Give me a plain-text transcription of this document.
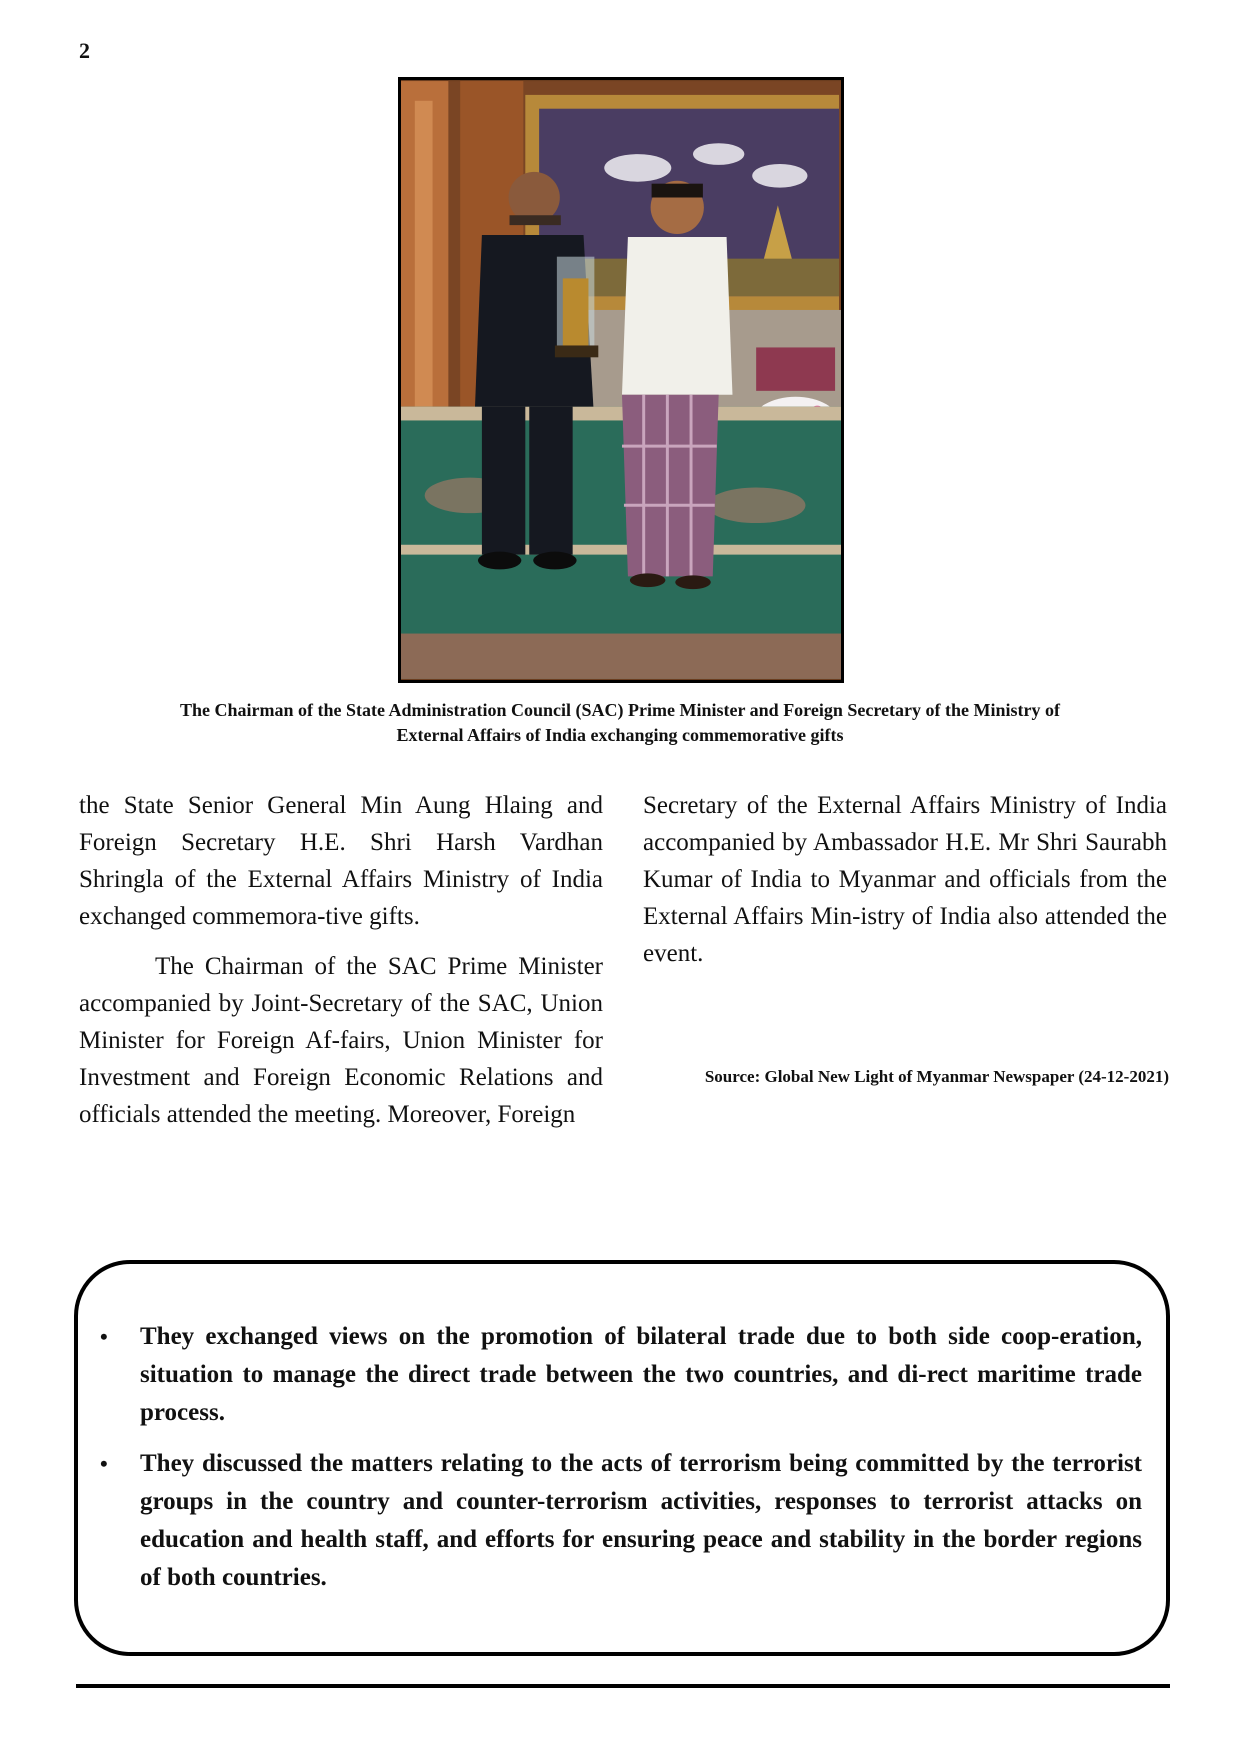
2
The Chairman of the State Administration Council (SAC) Prime Minister and Foreign Secretary of the Ministry of
External Affairs of India exchanging commemorative gifts

the State Senior General Min Aung Hlaing and Foreign Secretary H.E. Shri Harsh Vardhan Shringla of the External Affairs Ministry of India exchanged commemora-tive gifts.

The Chairman of the SAC Prime Minister accompanied by Joint-Secretary of the SAC, Union Minister for Foreign Af-fairs, Union Minister for Investment and Foreign Economic Relations and officials attended the meeting. Moreover, Foreign

Secretary of the External Affairs Ministry of India accompanied by Ambassador H.E. Mr Shri Saurabh Kumar of India to Myanmar and officials from the External Affairs Min-istry of India also attended the event.

Source: Global New Light of Myanmar Newspaper (24-12-2021)
• They exchanged views on the promotion of bilateral trade due to both side coop-eration, situation to manage the direct trade between the two countries, and di-rect maritime trade process.
• They discussed the matters relating to the acts of terrorism being committed by the terrorist groups in the country and counter-terrorism activities, responses to terrorist attacks on education and health staff, and efforts for ensuring peace and stability in the border regions of both countries.
